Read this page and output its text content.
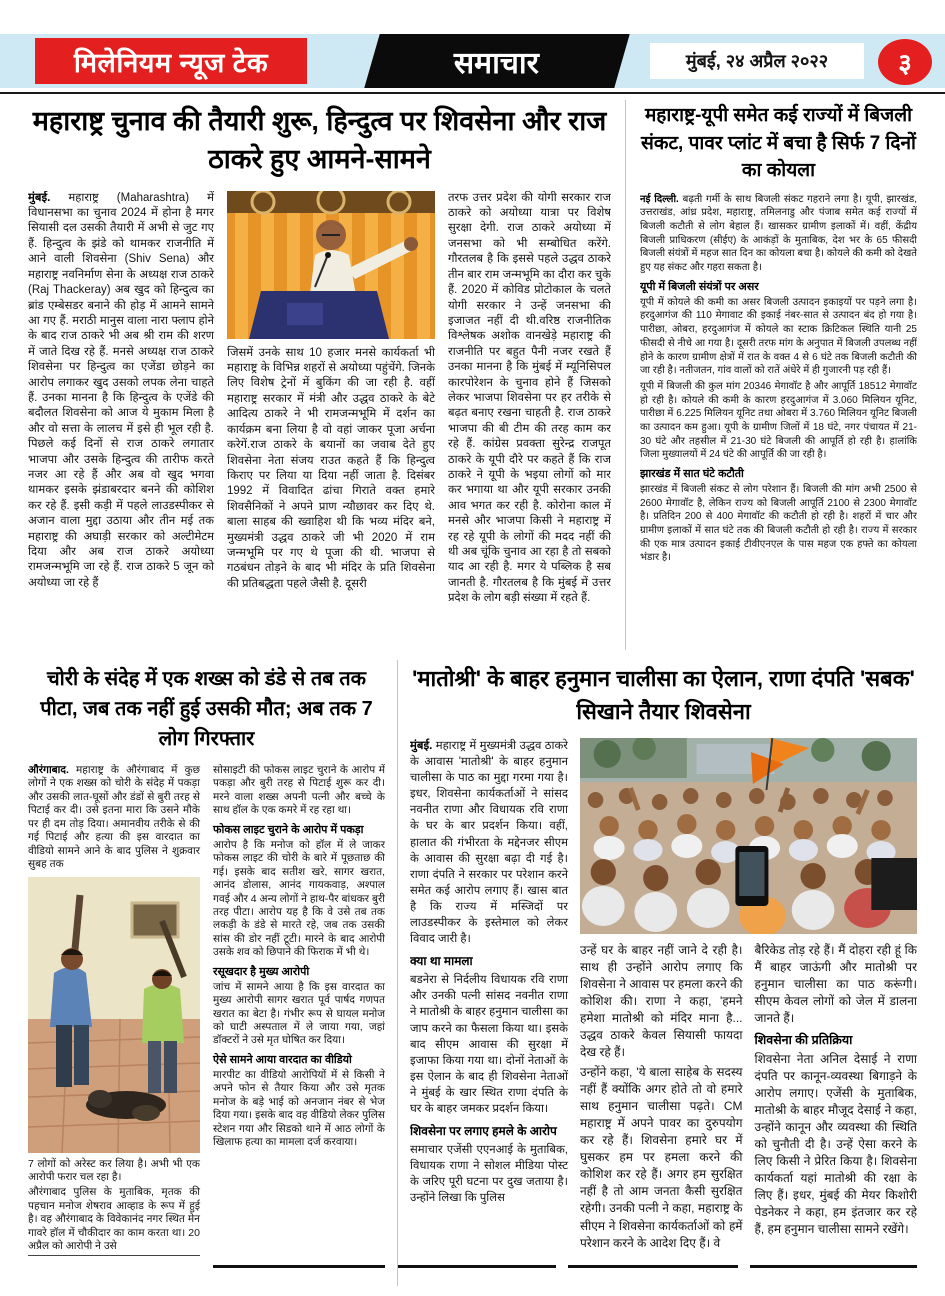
मिलेनियम न्यूज टेक	समाचार	मुंबई, २४ अप्रैल २०२२	३
महाराष्ट्र चुनाव की तैयारी शुरू, हिन्दुत्व पर शिवसेना और राज ठाकरे हुए आमने-सामने

मुंबई. महाराष्ट्र (Maharashtra) में विधानसभा का चुनाव 2024 में होना है मगर सियासी दल उसकी तैयारी में अभी से जुट गए हैं. हिन्दुत्व के झंडे को थामकर राजनीति में आने वाली शिवसेना (Shiv Sena) और महाराष्ट्र नवनिर्माण सेना के अध्यक्ष राज ठाकरे (Raj Thackeray) अब खुद को हिन्दुत्व का ब्रांड एम्बेसडर बनाने की होड़ में आमने सामने आ गए हैं. मराठी मानुस वाला नारा फ्लाप होने के बाद राज ठाकरे भी अब श्री राम की शरण में जाते दिख रहे हैं. मनसे अध्यक्ष राज ठाकरे शिवसेना पर हिन्दुत्व का एजेंडा छोड़ने का आरोप लगाकर खुद उसको लपक लेना चाहते हैं. उनका मानना है कि हिन्दुत्व के एजेंडे की बदौलत शिवसेना को आज ये मुकाम मिला है और वो सत्ता के लालच में इसे ही भूल रही है. पिछले कई दिनों से राज ठाकरे लगातार भाजपा और उसके हिन्दुत्व की तारीफ करते नजर आ रहे हैं और अब वो खुद भगवा थामकर इसके झंडाबरदार बनने की कोशिश कर रहे हैं. इसी कड़ी में पहले लाउडस्पीकर से अजान वाला मुद्दा उठाया और तीन मई तक महाराष्ट्र की अघाड़ी सरकार को अल्टीमेटम दिया और अब राज ठाकरे अयोध्या रामजन्मभूमि जा रहे हैं. राज ठाकरे 5 जून को अयोध्या जा रहे हैं

जिसमें उनके साथ 10 हजार मनसे कार्यकर्ता भी महाराष्ट्र के विभिन्न शहरों से अयोध्या पहुंचेंगे. जिनके लिए विशेष ट्रेनों में बुकिंग की जा रही है. वहीं महाराष्ट्र सरकार में मंत्री और उद्धव ठाकरे के बेटे आदित्य ठाकरे ने भी रामजन्मभूमि में दर्शन का कार्यक्रम बना लिया है वो वहां जाकर पूजा अर्चना करेगें.राज ठाकरे के बयानों का जवाब देते हुए शिवसेना नेता संजय राउत कहते हैं कि हिन्दुत्व किराए पर लिया या दिया नहीं जाता है. दिसंबर 1992 में विवादित ढांचा गिराते वक्त हमारे शिवसैनिकों ने अपने प्राण न्यौछावर कर दिए थे. बाला साहब की ख्वाहिश थी कि भव्य मंदिर बने, मुख्यमंत्री उद्धव ठाकरे जी भी 2020 में राम जन्मभूमि पर गए थे पूजा की थी. भाजपा से गठबंधन तोड़ने के बाद भी मंदिर के प्रति शिवसेना की प्रतिबद्धता पहले जैसी है. दूसरी

तरफ उत्तर प्रदेश की योगी सरकार राज ठाकरे को अयोध्या यात्रा पर विशेष सुरक्षा देगी. राज ठाकरे अयोध्या में जनसभा को भी सम्बोधित करेंगे. गौरतलब है कि इससे पहले उद्धव ठाकरे तीन बार राम जन्मभूमि का दौरा कर चुके हैं. 2020 में कोविड प्रोटोकाल के चलते योगी सरकार ने उन्हें जनसभा की इजाजत नहीं दी थी.वरिष्ठ राजनीतिक विश्लेषक अशोक वानखेड़े महाराष्ट्र की राजनीति पर बहुत पैनी नजर रखते हैं उनका मानना है कि मुंबई में म्यूनिसिपल कारपोरेशन के चुनाव होने हैं जिसको लेकर भाजपा शिवसेना पर हर तरीके से बढ़त बनाए रखना चाहती है. राज ठाकरे भाजपा की बी टीम की तरह काम कर रहे हैं. कांग्रेस प्रवक्ता सुरेन्द्र राजपूत ठाकरे के यूपी दौरे पर कहते हैं कि राज ठाकरे ने यूपी के भइया लोगों को मार कर भगाया था और यूपी सरकार उनकी आव भगत कर रही है. कोरोना काल में मनसे और भाजपा किसी ने महाराष्ट्र में रह रहे यूपी के लोगों की मदद नहीं की थी अब चूंकि चुनाव आ रहा है तो सबको याद आ रही है. मगर ये पब्लिक है सब जानती है. गौरतलब है कि मुंबई में उत्तर प्रदेश के लोग बड़ी संख्या में रहते हैं.

महाराष्ट्र-यूपी समेत कई राज्यों में बिजली संकट, पावर प्लांट में बचा है सिर्फ 7 दिनों का कोयला

नई दिल्ली. बढ़ती गर्मी के साथ बिजली संकट गहराने लगा है। यूपी, झारखंड, उत्तराखंड, आंध्र प्रदेश, महाराष्ट्र, तमिलनाडु और पंजाब समेत कई राज्यों में बिजली कटौती से लोग बेहाल हैं। खासकर ग्रामीण इलाकों में। वहीं, केंद्रीय बिजली प्राधिकरण (सीईए) के आकंड़ों के मुताबिक, देश भर के 65 फीसदी बिजली संयंत्रों में महज सात दिन का कोयला बचा है। कोयले की कमी को देखते हुए यह संकट और गहरा सकता है।

यूपी में बिजली संयंत्रों पर असर

यूपी में कोयले की कमी का असर बिजली उत्पादन इकाइयों पर पड़ने लगा है। हरदुआगंज की 110 मेगावाट की इकाई नंबर-सात से उत्पादन बंद हो गया है। पारीछा, ओबरा, हरदुआगंज में कोयले का स्टाक क्रिटिकल स्थिति यानी 25 फीसदी से नीचे आ गया है। दूसरी तरफ मांग के अनुपात में बिजली उपलब्ध नहीं होने के कारण ग्रामीण क्षेत्रों में रात के वक्त 4 से 6 घंटे तक बिजली कटौती की जा रही है। नतीजतन, गांव वालों को रातें अंधेरे में ही गुजारनी पड़ रही हैं।

यूपी में बिजली की कुल मांग 20346 मेगावॉट है और आपूर्ति 18512 मेगावॉट हो रही है। कोयले की कमी के कारण हरदुआगंज में 3.060 मिलियन यूनिट, पारीछा में 6.225 मिलियन यूनिट तथा ओबरा में 3.760 मिलियन यूनिट बिजली का उत्पादन कम हुआ। यूपी के ग्रामीण जिलों में 18 घंटे, नगर पंचायत में 21-30 घंटे और तहसील में 21-30 घंटे बिजली की आपूर्ति हो रही है। हालांकि जिला मुख्यालयों में 24 घंटे की आपूर्ति की जा रही है।

झारखंड में सात घंटे कटौती

झारखंड में बिजली संकट से लोग परेशान हैं। बिजली की मांग अभी 2500 से 2600 मेगावॉट है, लेकिन राज्य को बिजली आपूर्ति 2100 से 2300 मेगावॉट है। प्रतिदिन 200 से 400 मेगावॉट की कटौती हो रही है। शहरों में चार और ग्रामीण इलाकों में सात घंटे तक की बिजली कटौती हो रही है। राज्य में सरकार की एक मात्र उत्पादन इकाई टीवीएनएल के पास महज एक हफ्ते का कोयला भंडार है।

चोरी के संदेह में एक शख्स को डंडे से तब तक पीटा, जब तक नहीं हुई उसकी मौत; अब तक 7 लोग गिरफ्तार

औरंगाबाद. महाराष्ट्र के औरंगाबाद में कुछ लोगों ने एक शख्स को चोरी के संदेह में पकड़ा और उसकी लात-घूसों और डंडों से बुरी तरह से पिटाई कर दी। उसे इतना मारा कि उसने मौके पर ही दम तोड़ दिया। अमानवीय तरीके से की गई पिटाई और हत्या की इस वारदात का वीडियो सामने आने के बाद पुलिस ने शुक्रवार सुबह तक

7 लोगों को अरेस्ट कर लिया है। अभी भी एक आरोपी फरार चल रहा है।

औरंगाबाद पुलिस के मुताबिक, मृतक की पहचान मनोज शेषराव आव्हाड के रूप में हुई है। वह औरंगाबाद के विवेकानंद नगर स्थित मेन गावरे हॉल में चौकीदार का काम करता था। 20 अप्रैल को आरोपी ने उसे

सोसाइटी की फोकस लाइट चुराने के आरोप में पकड़ा और बुरी तरह से पिटाई शुरू कर दी। मरने वाला शख्स अपनी पत्नी और बच्चे के साथ हॉल के एक कमरे में रह रहा था।

फोकस लाइट चुराने के आरोप में पकड़ा

आरोप है कि मनोज को हॉल में ले जाकर फोकस लाइट की चोरी के बारे में पूछताछ की गई। इसके बाद सतीश खरे, सागर खरात, आनंद डोलास, आनंद गायकवाड़, अश्पाल गवई और 4 अन्य लोगों ने हाथ-पैर बांधकर बुरी तरह पीटा। आरोप यह है कि वे उसे तब तक लकड़ी के डंडे से मारते रहे, जब तक उसकी सांस की डोर नहीं टूटी। मारने के बाद आरोपी उसके शव को छिपाने की फिराक में भी थे।

रसूखदार है मुख्य आरोपी

जांच में सामने आया है कि इस वारदात का मुख्य आरोपी सागर खरात पूर्व पार्षद गणपत खरात का बेटा है। गंभीर रूप से घायल मनोज को घाटी अस्पताल में ले जाया गया, जहां डॉक्टरों ने उसे मृत घोषित कर दिया।

ऐसे सामने आया वारदात का वीडियो

मारपीट का वीडियो आरोपियों में से किसी ने अपने फोन से तैयार किया और उसे मृतक मनोज के बड़े भाई को अनजान नंबर से भेज दिया गया। इसके बाद वह वीडियो लेकर पुलिस स्टेशन गया और सिडको थाने में आठ लोगों के खिलाफ हत्या का मामला दर्ज करवाया।

'मातोश्री' के बाहर हनुमान चालीसा का ऐलान, राणा दंपति 'सबक' सिखाने तैयार शिवसेना

मुंबई. महाराष्ट्र में मुख्यमंत्री उद्धव ठाकरे के आवास 'मातोश्री' के बाहर हनुमान चालीसा के पाठ का मुद्दा गरमा गया है। इधर, शिवसेना कार्यकर्ताओं ने सांसद नवनीत राणा और विधायक रवि राणा के घर के बार प्रदर्शन किया। वहीं, हालात की गंभीरता के मद्देनजर सीएम के आवास की सुरक्षा बढ़ा दी गई है। राणा दंपति ने सरकार पर परेशान करने समेत कई आरोप लगाए हैं। खास बात है कि राज्य में मस्जिदों पर लाउडस्पीकर के इस्तेमाल को लेकर विवाद जारी है।

क्या था मामला

बडनेरा से निर्दलीय विधायक रवि राणा और उनकी पत्नी सांसद नवनीत राणा ने मातोश्री के बाहर हनुमान चालीसा का जाप करने का फैसला किया था। इसके बाद सीएम आवास की सुरक्षा में इजाफा किया गया था। दोनों नेताओं के इस ऐलान के बाद ही शिवसेना नेताओं ने मुंबई के खार स्थित राणा दंपति के घर के बाहर जमकर प्रदर्शन किया।

शिवसेना पर लगाए हमले के आरोप

समाचार एजेंसी एएनआई के मुताबिक, विधायक राणा ने सोशल मीडिया पोस्ट के जरिए पूरी घटना पर दुख जताया है। उन्होंने लिखा कि पुलिस

उन्हें घर के बाहर नहीं जाने दे रही है। साथ ही उन्होंने आरोप लगाए कि शिवसेना ने आवास पर हमला करने की कोशिश की। राणा ने कहा, 'हमने हमेशा मातोश्री को मंदिर माना है... उद्धव ठाकरे केवल सियासी फायदा देख रहे हैं।

उन्होंने कहा, 'ये बाला साहेब के सदस्य नहीं हैं क्योंकि अगर होते तो वो हमारे साथ हनुमान चालीसा पढ़ते। CM महाराष्ट्र में अपने पावर का दुरुपयोग कर रहे हैं। शिवसेना हमारे घर में घुसकर हम पर हमला करने की कोशिश कर रहे हैं। अगर हम सुरक्षित नहीं है तो आम जनता कैसी सुरक्षित रहेगी। उनकी पत्नी ने कहा, महाराष्ट्र के सीएम ने शिवसेना कार्यकर्ताओं को हमें परेशान करने के आदेश दिए हैं। वे

बैरिकेड तोड़ रहे हैं। मैं दोहरा रही हूं कि मैं बाहर जाऊंगी और मातोश्री पर हनुमान चालीसा का पाठ करूंगी। सीएम केवल लोगों को जेल में डालना जानते हैं।

शिवसेना की प्रतिक्रिया

शिवसेना नेता अनिल देसाई ने राणा दंपति पर कानून-व्यवस्था बिगाड़ने के आरोप लगाए। एजेंसी के मुताबिक, मातोश्री के बाहर मौजूद देसाई ने कहा, उन्होंने कानून और व्यवस्था की स्थिति को चुनौती दी है। उन्हें ऐसा करने के लिए किसी ने प्रेरित किया है। शिवसेना कार्यकर्ता यहां मातोश्री की रक्षा के लिए हैं। इधर, मुंबई की मेयर किशोरी पेडनेकर ने कहा, हम इंतजार कर रहे हैं, हम हनुमान चालीसा सामने रखेंगे।
